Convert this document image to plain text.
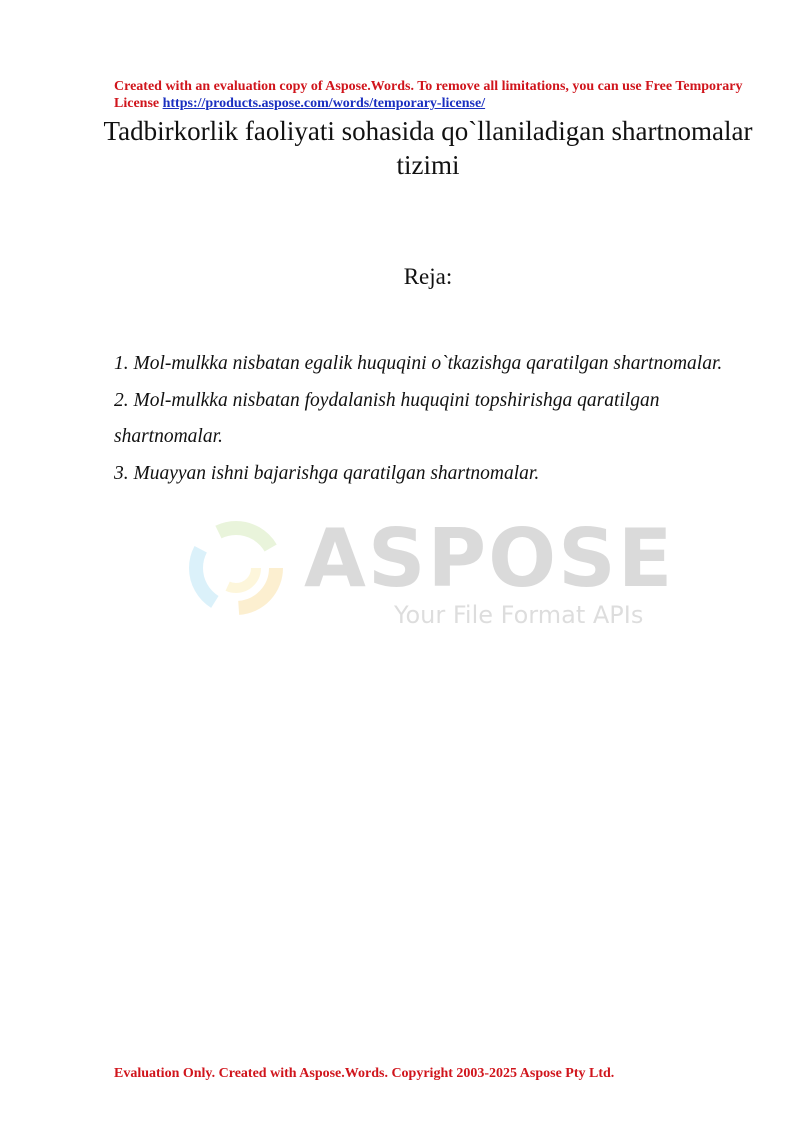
Created with an evaluation copy of Aspose.Words. To remove all limitations, you can use Free Temporary License https://products.aspose.com/words/temporary-license/
Tadbirkorlik faoliyati sohasida qo`llaniladigan shartnomalar tizimi
Reja:
1. Mol-mulkka nisbatan egalik huquqini o`tkazishga qaratilgan shartnomalar.
2. Mol-mulkka nisbatan foydalanish huquqini topshirishga qaratilgan shartnomalar.
3. Muayyan ishni bajarishga qaratilgan shartnomalar.
ASPOSE
Your File Format APIs
Evaluation Only. Created with Aspose.Words. Copyright 2003-2025 Aspose Pty Ltd.
